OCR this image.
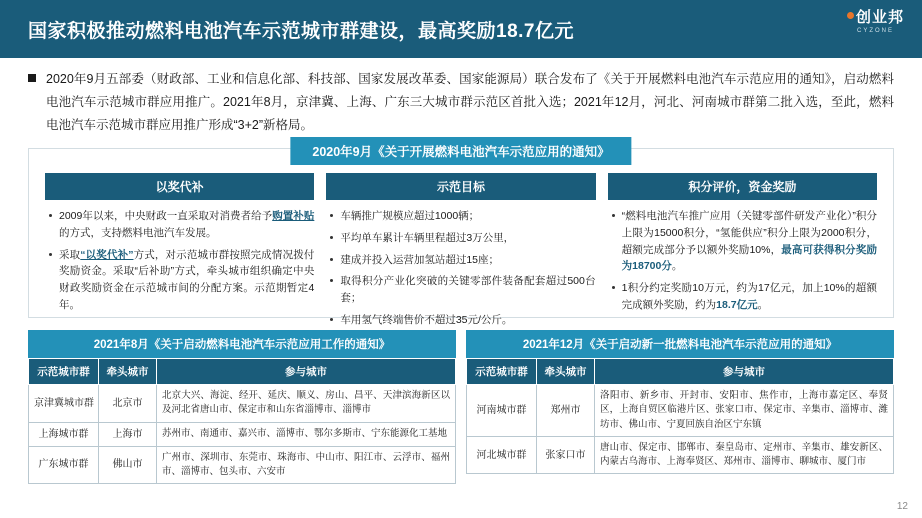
国家积极推动燃料电池汽车示范城市群建设，最高奖励18.7亿元
创业邦
CYZONE
2020年9月五部委（财政部、工业和信息化部、科技部、国家发展改革委、国家能源局）联合发布了《关于开展燃料电池汽车示范应用的通知》，启动燃料电池汽车示范城市群应用推广。2021年8月，京津冀、上海、广东三大城市群示范区首批入选；2021年12月，河北、河南城市群第二批入选，至此，燃料电池汽车示范城市群应用推广形成“3+2”新格局。
2020年9月《关于开展燃料电池汽车示范应用的通知》
以奖代补
2009年以来，中央财政一直采取对消费者给予购置补贴的方式，支持燃料电池汽车发展。
采取“以奖代补”方式，对示范城市群按照完成情况拨付奖励资金。采取“后补助”方式，牵头城市组织确定中央财政奖励资金在示范城市间的分配方案。示范期暂定4年。
示范目标
车辆推广规模应超过1000辆；
平均单车累计车辆里程超过3万公里，
建成并投入运营加氢站超过15座；
取得积分产业化突破的关键零部件装备配套超过500台套；
车用氢气终端售价不超过35元/公斤。
积分评价，资金奖励
“燃料电池汽车推广应用（关键零部件研发产业化）”积分上限为15000积分，“氢能供应”积分上限为2000积分，超额完成部分予以额外奖励10%，最高可获得积分奖励为18700分。
1积分约定奖励10万元，约为17亿元，加上10%的超额完成额外奖励，约为18.7亿元。
2021年8月《关于启动燃料电池汽车示范应用工作的通知》
示范城市群	牵头城市	参与城市
京津冀城市群	北京市	北京大兴、海淀、经开、延庆、顺义、房山、昌平、天津滨海新区以及河北省唐山市、保定市和山东省淄博市、淄博市
上海城市群	上海市	苏州市、南通市、嘉兴市、淄博市、鄂尔多斯市、宁东能源化工基地
广东城市群	佛山市	广州市、深圳市、东莞市、珠海市、中山市、阳江市、云浮市、福州市、淄博市、包头市、六安市
2021年12月《关于启动新一批燃料电池汽车示范应用的通知》
示范城市群	牵头城市	参与城市
河南城市群	郑州市	洛阳市、新乡市、开封市、安阳市、焦作市，上海市嘉定区、奉贤区，上海自贸区临港片区、张家口市、保定市、辛集市、淄博市、潍坊市、佛山市、宁夏回族自治区宁东镇
河北城市群	张家口市	唐山市、保定市、邯郸市、秦皇岛市、定州市、辛集市、雄安新区、内蒙古乌海市、上海奉贤区、郑州市、淄博市、聊城市、厦门市
12
